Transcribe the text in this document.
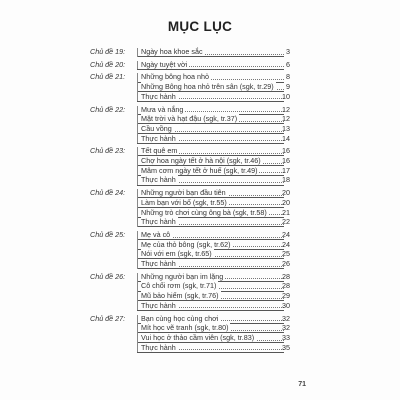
MỤC LỤC
Chủ đề 19: Ngày hoa khoe sắc	3
Chủ đề 20: Ngày tuyệt vời	6
Chủ đề 21: Những bông hoa nhỏ	8
Những Bông hoa nhỏ trên sân (sgk, tr.29) 9
Thực hành	10
Chủ đề 22: Mưa và nắng	12
Mặt trời và hạt đậu (sgk, tr.37)	12
Cầu vồng	13
Thực hành	14
Chủ đề 23: Tết quê em	16
Chợ hoa ngày tết ở hà nội (sgk, tr.46)	16
Mâm cơm ngày tết ở huế (sgk, tr.49)	17
Thực hành	18
Chủ đề 24: Những người bạn đầu tiên	20
Làm bạn với bố (sgk, tr.55)	20
Những trò chơi cùng ông bà (sgk, tr.58) 21
Thực hành	22
Chủ đề 25: Mẹ và cô	24
Mẹ của thỏ bông (sgk, tr.62)	24
Nói với em (sgk, tr.65)	25
Thực hành	26
Chủ đề 26: Những người bạn im lặng	28
Cô chổi rơm (sgk, tr.71)	28
Mũ bảo hiểm (sgk, tr.76)	29
Thực hành	30
Chủ đề 27: Bạn cùng học cùng chơi	32
Mít học vẽ tranh (sgk, tr.80)	32
Vui học ở thảo cầm viên (sgk, tr.83)	33
Thực hành	35
71
